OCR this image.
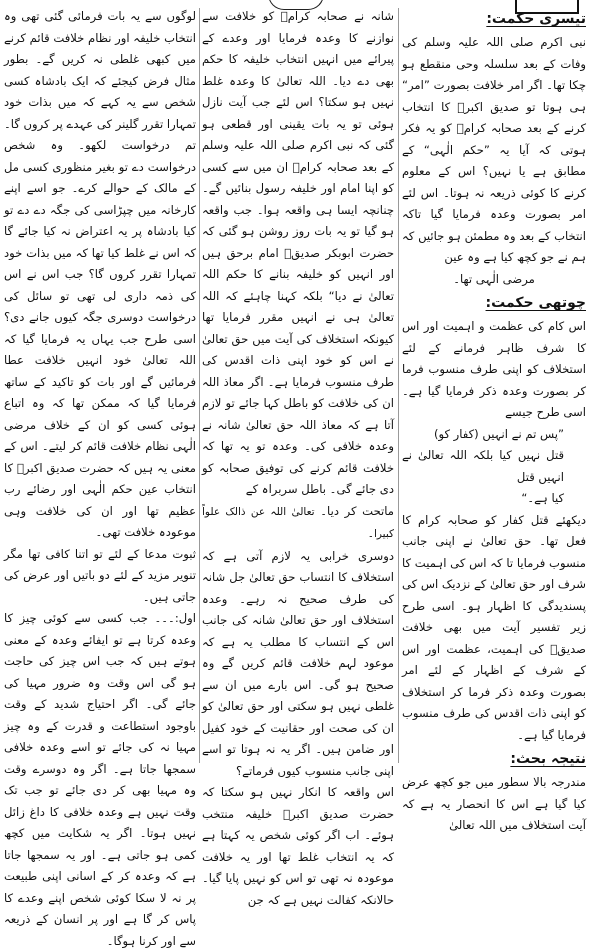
تیسری حکمت:

نبی اکرم صلی اللہ علیہ وسلم کی وفات کے بعد سلسلہ وحی منقطع ہو چکا تھا۔ اگر امر خلافت بصورت ”امر“ ہی ہوتا تو صدیق اکبرؓ کا انتخاب کرنے کے بعد صحابہ کرامؓ کو یہ فکر ہوتی کہ آیا یہ ”حکم الٰہی“ کے مطابق ہے یا نہیں؟ اس کے معلوم کرنے کا کوئی ذریعہ نہ ہوتا۔ اس لئے امر بصورت وعدہ فرمایا گیا تاکہ انتخاب کے بعد وہ مطمئن ہو جائیں کہ ہم نے جو کچھ کیا ہے وہ عین

مرضی الٰہی تھا۔

چوتھی حکمت:

اس کام کی عظمت و اہمیت اور اس کا شرف ظاہر فرمانے کے لئے استخلاف کو اپنی طرف منسوب فرما کر بصورت وعدہ ذکر فرمایا گیا ہے۔ اسی طرح جیسے

”پس تم نے انہیں (کفار کو)

قتل نہیں کیا بلکہ اللہ تعالیٰ نے انہیں قتل

کیا ہے۔“

دیکھئے قتل کفار کو صحابہ کرام کا فعل تھا۔ حق تعالیٰ نے اپنی جانب منسوب فرمایا تا کہ اس کی اہمیت کا شرف اور حق تعالیٰ کے نزدیک اس کی پسندیدگی کا اظہار ہو۔ اسی طرح زیر تفسیر آیت میں بھی خلافت صدیقؓ کی اہمیت، عظمت اور اس کے شرف کے اظہار کے لئے امر بصورت وعدہ ذکر فرما کر استخلاف کو اپنی ذات اقدس کی طرف منسوب فرمایا گیا ہے۔

نتیجہ بحث:

مندرجہ بالا سطور میں جو کچھ عرض کیا گیا ہے اس کا انحصار یہ ہے کہ آیت استخلاف میں اللہ تعالیٰ

شانہ نے صحابہ کرامؓ کو خلافت سے نوازنے کا وعدہ فرمایا اور وعدے کے پیرائے میں انہیں انتخاب خلیفہ کا حکم بھی دے دیا۔ اللہ تعالیٰ کا وعدہ غلط نہیں ہو سکتا؟ اس لئے جب آیت نازل ہوئی تو یہ بات یقینی اور قطعی ہو گئی کہ نبی اکرم صلی اللہ علیہ وسلم کے بعد صحابہ کرامؓ ان میں سے کسی کو اپنا امام اور خلیفہ رسول بنائیں گے۔ چنانچہ ایسا ہی واقعہ ہوا۔ جب واقعہ ہو گیا تو یہ بات روز روشن ہو گئی کہ حضرت ابوبکر صدیقؓ امام برحق ہیں اور انہیں کو خلیفہ بنانے کا حکم اللہ تعالیٰ نے دیا“ بلکہ کہنا چاہئے کہ اللہ تعالیٰ ہی نے انہیں مقرر فرمایا تھا کیونکہ استخلاف کی آیت میں حق تعالیٰ نے اس کو خود اپنی ذات اقدس کی طرف منسوب فرمایا ہے۔ اگر معاذ اللہ ان کی خلافت کو باطل کہا جائے تو لازم آتا ہے کہ معاذ اللہ حق تعالیٰ شانہ نے وعدہ خلافی کی۔ وعدہ تو یہ تھا کہ خلافت قائم کرنے کی توفیق صحابہ کو دی جائے گی۔ باطل سربراہ کے

ماتحت کر دیا۔ تعالیٰ اللہ عن ذالک علواً کبیرا۔

دوسری خرابی یہ لازم آتی ہے کہ استخلاف کا انتساب حق تعالیٰ جل شانہ کی طرف صحیح نہ رہے۔ وعدہ استخلاف اور حق تعالیٰ شانہ کی جانب اس کے انتساب کا مطلب یہ ہے کہ موعود لہم خلافت قائم کریں گے وہ صحیح ہو گی۔ اس بارے میں ان سے غلطی نہیں ہو سکتی اور حق تعالیٰ کو ان کی صحت اور حقانیت کے خود کفیل اور ضامن ہیں۔ اگر یہ نہ ہوتا تو اسے اپنی جانب منسوب کیوں فرماتے؟

اس واقعہ کا انکار نہیں ہو سکتا کہ حضرت صدیق اکبرؓ خلیفہ منتخب ہوئے۔ اب اگر کوئی شخص یہ کہتا ہے کہ یہ انتخاب غلط تھا اور یہ خلافت موعودہ نہ تھی تو اس کو نہیں پایا گیا۔ حالانکہ کفالت نہیں ہے کہ جن

لوگوں سے یہ بات فرمائی گئی تھی وہ انتخاب خلیفہ اور نظام خلافت قائم کرنے میں کبھی غلطی نہ کریں گے۔ بطور مثال فرض کیجئے کہ ایک بادشاہ کسی شخص سے یہ کہے کہ میں بذات خود تمہارا تقرر گلینر کی عہدے پر کروں گا۔ تم درخواست لکھو۔ وہ شخص درخواست دے تو بغیر منظوری کسی مل کے مالک کے حوالے کرے۔ جو اسے اپنے کارخانہ میں چپڑاسی کی جگہ دے دے تو کیا بادشاہ پر یہ اعتراض نہ کیا جائے گا کہ اس نے غلط کیا تھا کہ میں بذات خود تمہارا تقرر کروں گا؟ جب اس نے اس کی ذمہ داری لی تھی تو سائل کی درخواست دوسری جگہ کیوں جانے دی؟ اسی طرح جب یہاں یہ فرمایا گیا کہ اللہ تعالیٰ خود انہیں خلافت عطا فرمائیں گے اور بات کو تاکید کے ساتھ فرمایا گیا کہ ممکن تھا کہ وہ اتباع ہوئی کسی کو ان کے خلاف مرضی الٰہی نظام خلافت قائم کر لیتے۔ اس کے معنی یہ ہیں کہ حضرت صدیق اکبرؓ کا انتخاب عین حکم الٰہی اور رضائے رب عظیم تھا اور ان کی خلافت وہی موعودہ خلافت تھی۔

ثبوت مدعا کے لئے تو اتنا کافی تھا مگر تنویر مزید کے لئے دو باتیں اور عرض کی جاتی ہیں۔

اول:۔۔۔ جب کسی سے کوئی چیز کا وعدہ کرتا ہے تو ایفائے وعدہ کے معنی ہوتے ہیں کہ جب اس چیز کی حاجت ہو گی اس وقت وہ ضرور مہیا کی جائے گی۔ اگر احتیاج شدید کے وقت باوجود استطاعت و قدرت کے وہ چیز مہیا نہ کی جائے تو اسے وعدہ خلافی سمجھا جاتا ہے۔ اگر وہ دوسرے وقت وہ مہیا بھی کر دی جائے تو جب تک وقت نہیں ہے وعدہ خلافی کا داغ زائل نہیں ہوتا۔ اگر یہ شکایت میں کچھ کمی ہو جاتی ہے۔ اور یہ سمجھا جاتا ہے کہ وعدہ کر کے اسانی اپنی طبیعت پر نہ لا سکا کوئی شخص اپنے وعدے کا پاس کر گا ہے اور پر انسان کے ذریعہ سے اور کرنا ہوگا۔
